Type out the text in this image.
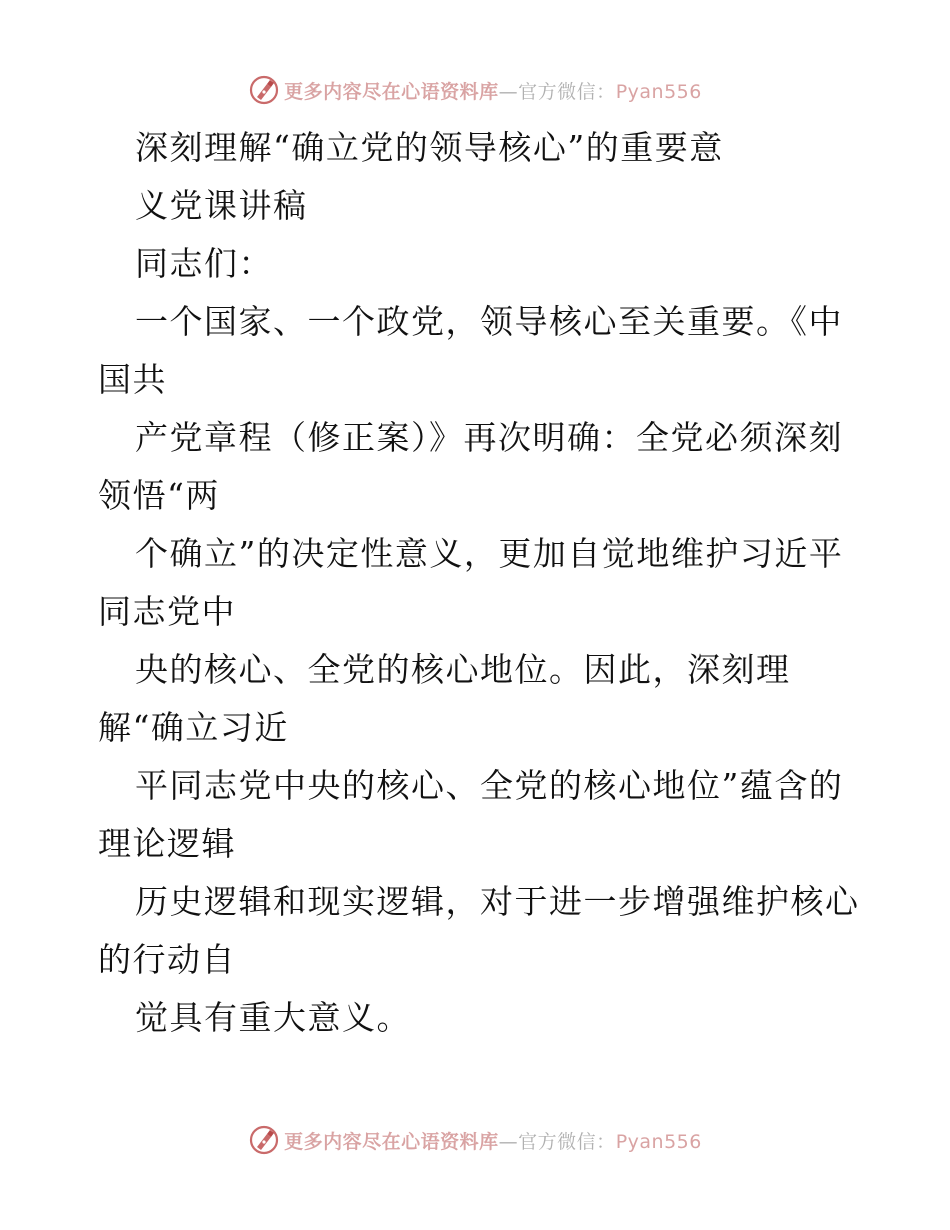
更多内容尽在心语资料库—官方微信：Pyan556
深刻理解“确立党的领导核心”的重要意
义党课讲稿
同志们：
一个国家、一个政党，领导核心至关重要。《中
国共
产党章程（修正案）》再次明确：全党必须深刻
领悟“两
个确立”的决定性意义，更加自觉地维护习近平
同志党中
央的核心、全党的核心地位。因此，深刻理
解“确立习近
平同志党中央的核心、全党的核心地位”蕴含的
理论逻辑
历史逻辑和现实逻辑，对于进一步增强维护核心
的行动自
觉具有重大意义。
更多内容尽在心语资料库—官方微信：Pyan556
